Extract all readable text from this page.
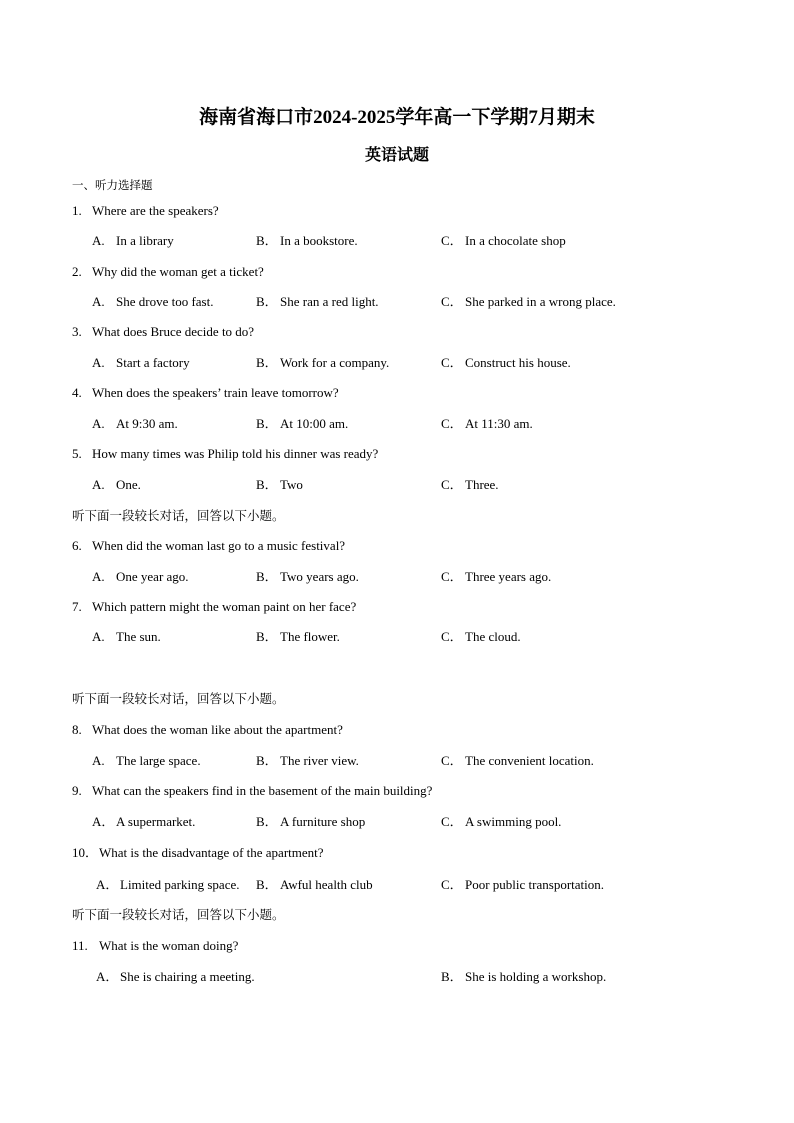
海南省海口市2024-2025学年高一下学期7月期末
英语试题
一、听力选择题
1. Where are the speakers?
A. In a library	B． In a bookstore.	C． In a chocolate shop
2. Why did the woman get a ticket?
A. She drove too fast.	B． She ran a red light.	C． She parked in a wrong place.
3. What does Bruce decide to do?
A. Start a factory	B． Work for a company.	C． Construct his house.
4. When does the speakers’ train leave tomorrow?
A. At 9:30 am.	B． At 10:00 am.	C． At 11:30 am.
5. How many times was Philip told his dinner was ready?
A. One.	B． Two	C． Three.
听下面一段较长对话，回答以下小题。
6. When did the woman last go to a music festival?
A. One year ago.	B． Two years ago.	C． Three years ago.
7. Which pattern might the woman paint on her face?
A. The sun.	B． The flower.	C． The cloud.
听下面一段较长对话，回答以下小题。
8. What does the woman like about the apartment?
A. The large space.	B． The river view.	C． The convenient location.
9. What can the speakers find in the basement of the main building?
A． A supermarket.	B． A furniture shop	C． A swimming pool.
10．What is the disadvantage of the apartment?
A． Limited parking space. B． Awful health club	C． Poor public transportation.
听下面一段较长对话，回答以下小题。
11. What is the woman doing?
A． She is chairing a meeting.	B． She is holding a workshop.
